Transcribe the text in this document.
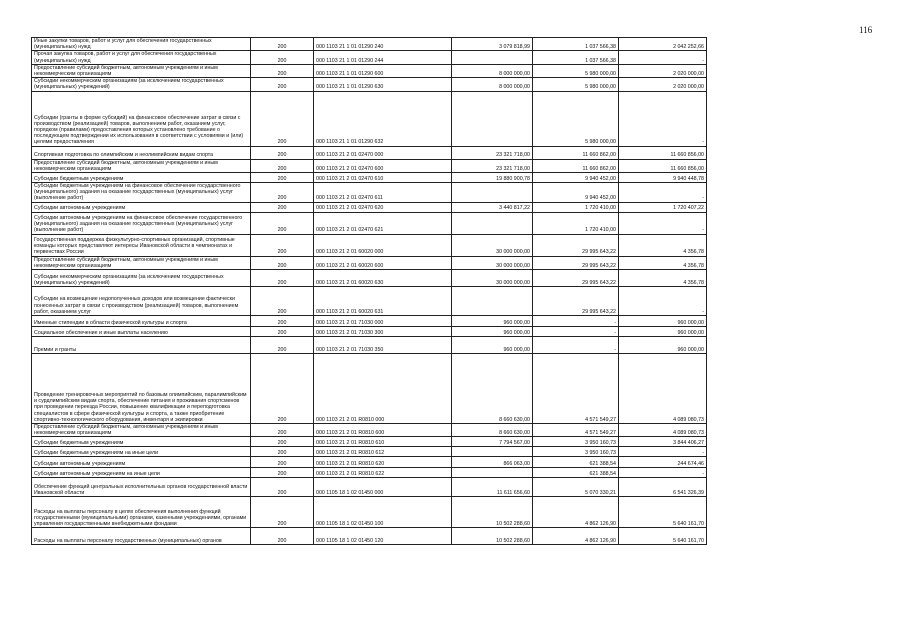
116
Иные закупки товаров, работ и услуг для обеспечения государственных (муниципальных) нужд	200	000 1103 21 1 01 01290 240	3 079 818,99	1 037 566,38	2 042 252,66
Прочая закупка товаров, работ и услуг для обеспечения государственных (муниципальных) нужд	200	000 1103 21 1 01 01290 244		1 037 566,38	-
Предоставление субсидий бюджетным, автономным учреждениям и иным некоммерческим организациям	200	000 1103 21 1 01 01290 600	8 000 000,00	5 980 000,00	2 020 000,00
Субсидии некоммерческим организациям (за исключением государственных (муниципальных) учреждений)	200	000 1103 21 1 01 01290 630	8 000 000,00	5 980 000,00	2 020 000,00
Субсидии (гранты в форме субсидий) на финансовое обеспечение затрат в связи с производством (реализацией) товаров, выполнением работ, оказанием услуг, порядком (правилами) предоставления которых установлено требование о последующем подтверждении их использования в соответствии с условиями и (или) целями предоставления	200	000 1103 21 1 01 01290 632		5 980 000,00	-
Спортивная подготовка по олимпийским и неолимпийским видам спорта	200	000 1103 21 2 01 02470 000	23 321 718,00	11 660 862,00	11 660 856,00
Предоставление субсидий бюджетным, автономным учреждениям и иным некоммерческим организациям	200	000 1103 21 2 01 02470 600	23 321 718,00	11 660 862,00	11 660 856,00
Субсидии бюджетным учреждениям	200	000 1103 21 2 01 02470 610	19 880 900,78	9 940 452,00	9 940 448,78
Субсидии бюджетным учреждениям на финансовое обеспечение государственного (муниципального) задания на оказание государственных (муниципальных) услуг (выполнение работ)	200	000 1103 21 2 01 02470 611		9 940 452,00	-
Субсидии автономным учреждениям	200	000 1103 21 2 01 02470 620	3 440 817,22	1 720 410,00	1 720 407,22
Субсидии автономным учреждениям на финансовое обеспечение государственного (муниципального) задания на оказание государственных (муниципальных) услуг (выполнение работ)	200	000 1103 21 2 01 02470 621		1 720 410,00	-
Государственная поддержка физкультурно-спортивных организаций, спортивные команды которых представляют интересы Ивановской области в чемпионатах и первенствах России	200	000 1103 21 2 01 60020 000	30 000 000,00	29 995 643,22	4 356,78
Предоставление субсидий бюджетным, автономным учреждениям и иным некоммерческим организациям	200	000 1103 21 2 01 60020 600	30 000 000,00	29 995 643,22	4 356,78
Субсидии некоммерческим организациям (за исключением государственных (муниципальных) учреждений)	200	000 1103 21 2 01 60020 630	30 000 000,00	29 995 643,22	4 356,78
Субсидии на возмещение недополученных доходов или возмещение фактически понесенных затрат в связи с производством (реализацией) товаров, выполнением работ, оказанием услуг	200	000 1103 21 2 01 60020 631		29 995 643,22	-
Именные стипендии в области физической культуры и спорта	200	000 1103 21 2 01 71030 000	960 000,00	-	960 000,00
Социальное обеспечение и иные выплаты населению	200	000 1103 21 2 01 71030 300	960 000,00	-	960 000,00
Премии и гранты	200	000 1103 21 2 01 71030 350	960 000,00	-	960 000,00
Проведение тренировочных мероприятий по базовым олимпийским, паралимпийским и сурдлимпийским видам спорта, обеспечение питания и проживания спортсменов при проведении переезда России, повышение квалификации и переподготовка специалистов в сфере физической культуры и спорта, а также приобретение спортивно-технологического оборудования, инвентаря и экипировки	200	000 1103 21 2 01 R0810 000	8 660 630,00	4 571 549,27	4 089 080,73
Предоставление субсидий бюджетным, автономным учреждениям и иным некоммерческим организациям	200	000 1103 21 2 01 R0810 600	8 660 630,00	4 571 549,27	4 089 080,73
Субсидии бюджетным учреждениям	200	000 1103 21 2 01 R0810 610	7 794 567,00	3 950 160,73	3 844 406,27
Субсидии бюджетным учреждениям на иные цели	200	000 1103 21 2 01 R0810 612		3 950 160,73	-
Субсидии автономным учреждениям	200	000 1103 21 2 01 R0810 620	866 063,00	621 388,54	244 674,46
Субсидии автономным учреждениям на иные цели	200	000 1103 21 2 01 R0810 622		621 388,54	-
Обеспечение функций центральных исполнительных органов государственной власти Ивановской области	200	000 1105 18 1 02 01450 000	11 611 656,60	5 070 330,21	6 541 326,39
Расходы на выплаты персоналу в целях обеспечения выполнения функций государственными (муниципальными) органами, казенными учреждениями, органами управления государственными внебюджетными фондами	200	000 1105 18 1 02 01450 100	10 502 288,60	4 862 126,90	5 640 161,70
Расходы на выплаты персоналу государственных (муниципальных) органов	200	000 1105 18 1 02 01450 120	10 502 288,60	4 862 126,90	5 640 161,70
